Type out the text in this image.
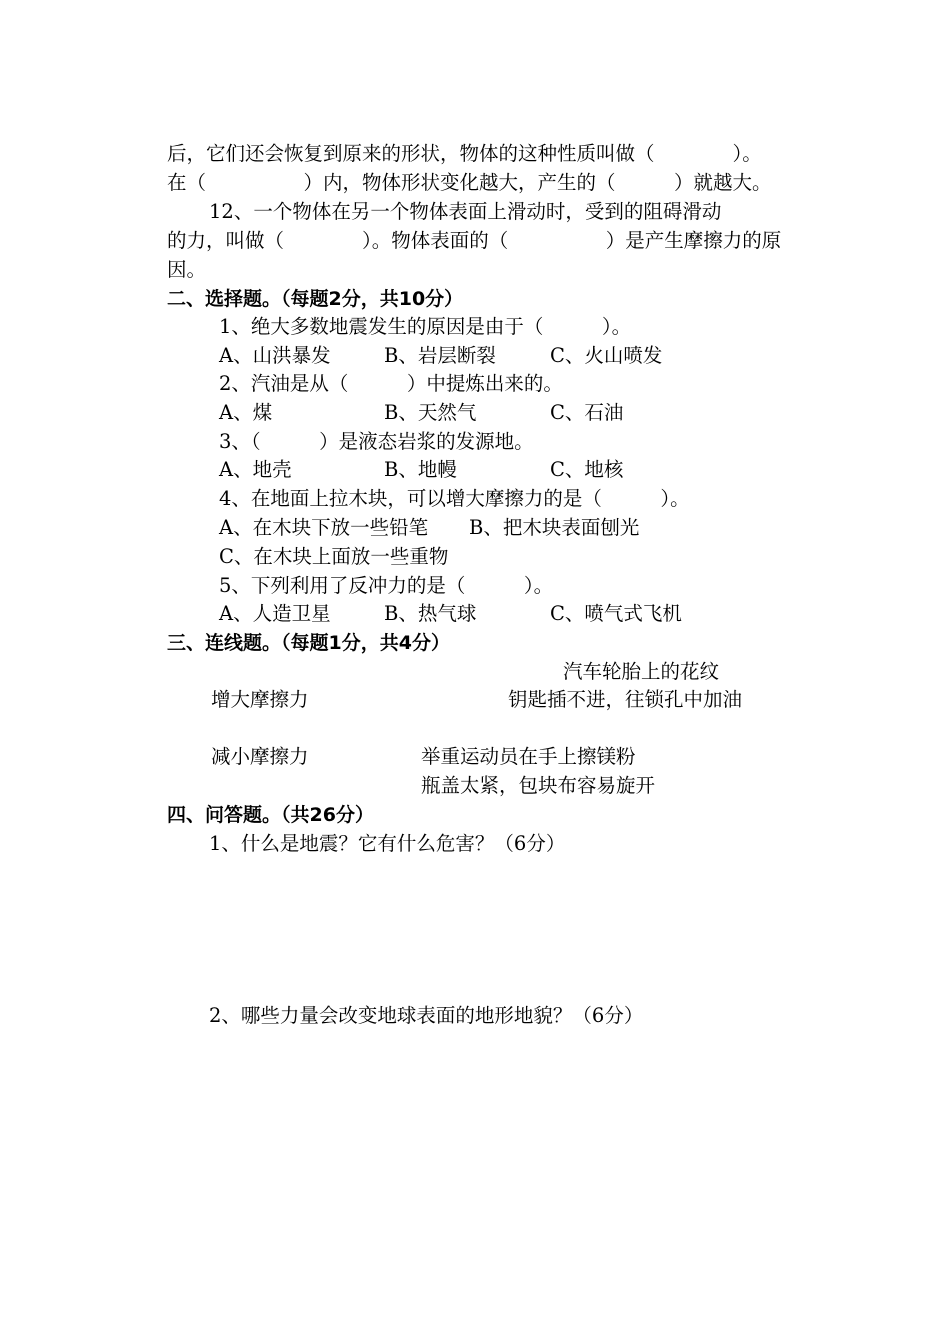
后，它们还会恢复到原来的形状，物体的这种性质叫做（　　　　）。
在（　　　　　）内，物体形状变化越大，产生的（　　　）就越大。
12、一个物体在另一个物体表面上滑动时，受到的阻碍滑动
的力，叫做（　　　　）。物体表面的（　　　　　）是产生摩擦力的原
因。
二、选择题。（每题2分，共10分）
1、绝大多数地震发生的原因是由于（　　　）。
A、山洪暴发	B、岩层断裂	C、火山喷发
2、汽油是从（　　　）中提炼出来的。
A、煤	B、天然气	C、石油
3、（　　　）是液态岩浆的发源地。
A、地壳	B、地幔	C、地核
4、在地面上拉木块，可以增大摩擦力的是（　　　）。
A、在木块下放一些铅笔 B、把木块表面刨光
C、在木块上面放一些重物
5、下列利用了反冲力的是（　　　）。
A、人造卫星	B、热气球	C、喷气式飞机
三、连线题。（每题1分，共4分）
汽车轮胎上的花纹
增大摩擦力	钥匙插不进，往锁孔中加油
减小摩擦力	举重运动员在手上擦镁粉
瓶盖太紧，包块布容易旋开
四、问答题。（共26分）
1、什么是地震？它有什么危害？（6分）
2、哪些力量会改变地球表面的地形地貌？（6分）
